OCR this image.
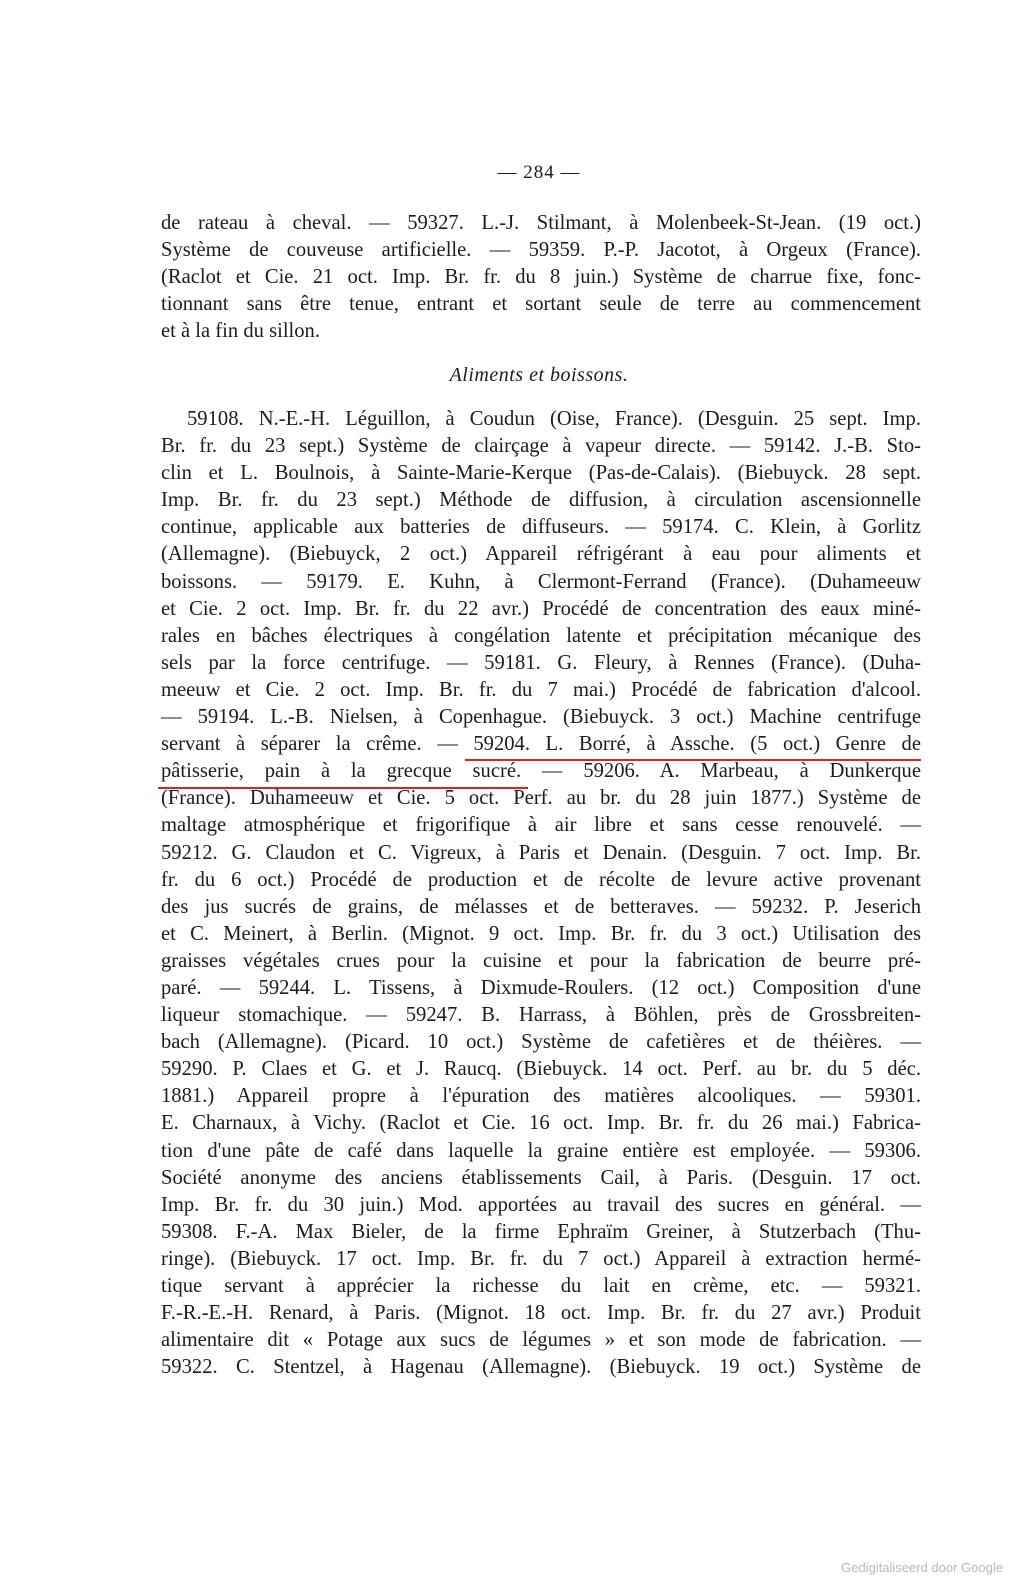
— 284 —
de rateau à cheval. — 59327. L.-J. Stilmant, à Molenbeek-St-Jean. (19 oct.)
Système de couveuse artificielle. — 59359. P.-P. Jacotot, à Orgeux (France).
(Raclot et Cie. 21 oct. Imp. Br. fr. du 8 juin.) Système de charrue fixe, fonc-
tionnant sans être tenue, entrant et sortant seule de terre au commencement
et à la fin du sillon.
Aliments et boissons.
59108. N.-E.-H. Léguillon, à Coudun (Oise, France). (Desguin. 25 sept. Imp.
Br. fr. du 23 sept.) Système de clairçage à vapeur directe. — 59142. J.-B. Sto-
clin et L. Boulnois, à Sainte-Marie-Kerque (Pas-de-Calais). (Biebuyck. 28 sept.
Imp. Br. fr. du 23 sept.) Méthode de diffusion, à circulation ascensionnelle
continue, applicable aux batteries de diffuseurs. — 59174. C. Klein, à Gorlitz
(Allemagne). (Biebuyck, 2 oct.) Appareil réfrigérant à eau pour aliments et
boissons. — 59179. E. Kuhn, à Clermont-Ferrand (France). (Duhameeuw
et Cie. 2 oct. Imp. Br. fr. du 22 avr.) Procédé de concentration des eaux miné-
rales en bâches électriques à congélation latente et précipitation mécanique des
sels par la force centrifuge. — 59181. G. Fleury, à Rennes (France). (Duha-
meeuw et Cie. 2 oct. Imp. Br. fr. du 7 mai.) Procédé de fabrication d'alcool.
— 59194. L.-B. Nielsen, à Copenhague. (Biebuyck. 3 oct.) Machine centrifuge
servant à séparer la crême. — 59204. L. Borré, à Assche. (5 oct.) Genre de
pâtisserie, pain à la grecque sucré. — 59206. A. Marbeau, à Dunkerque
(France). Duhameeuw et Cie. 5 oct. Perf. au br. du 28 juin 1877.) Système de
maltage atmosphérique et frigorifique à air libre et sans cesse renouvelé. —
59212. G. Claudon et C. Vigreux, à Paris et Denain. (Desguin. 7 oct. Imp. Br.
fr. du 6 oct.) Procédé de production et de récolte de levure active provenant
des jus sucrés de grains, de mélasses et de betteraves. — 59232. P. Jeserich
et C. Meinert, à Berlin. (Mignot. 9 oct. Imp. Br. fr. du 3 oct.) Utilisation des
graisses végétales crues pour la cuisine et pour la fabrication de beurre pré-
paré. — 59244. L. Tissens, à Dixmude-Roulers. (12 oct.) Composition d'une
liqueur stomachique. — 59247. B. Harrass, à Böhlen, près de Grossbreiten-
bach (Allemagne). (Picard. 10 oct.) Système de cafetières et de théières. —
59290. P. Claes et G. et J. Raucq. (Biebuyck. 14 oct. Perf. au br. du 5 déc.
1881.) Appareil propre à l'épuration des matières alcooliques. — 59301.
E. Charnaux, à Vichy. (Raclot et Cie. 16 oct. Imp. Br. fr. du 26 mai.) Fabrica-
tion d'une pâte de café dans laquelle la graine entière est employée. — 59306.
Société anonyme des anciens établissements Cail, à Paris. (Desguin. 17 oct.
Imp. Br. fr. du 30 juin.) Mod. apportées au travail des sucres en général. —
59308. F.-A. Max Bieler, de la firme Ephraïm Greiner, à Stutzerbach (Thu-
ringe). (Biebuyck. 17 oct. Imp. Br. fr. du 7 oct.) Appareil à extraction hermé-
tique servant à apprécier la richesse du lait en crème, etc. — 59321.
F.-R.-E.-H. Renard, à Paris. (Mignot. 18 oct. Imp. Br. fr. du 27 avr.) Produit
alimentaire dit « Potage aux sucs de légumes » et son mode de fabrication. —
59322. C. Stentzel, à Hagenau (Allemagne). (Biebuyck. 19 oct.) Système de
Gedigitaliseerd door Google
